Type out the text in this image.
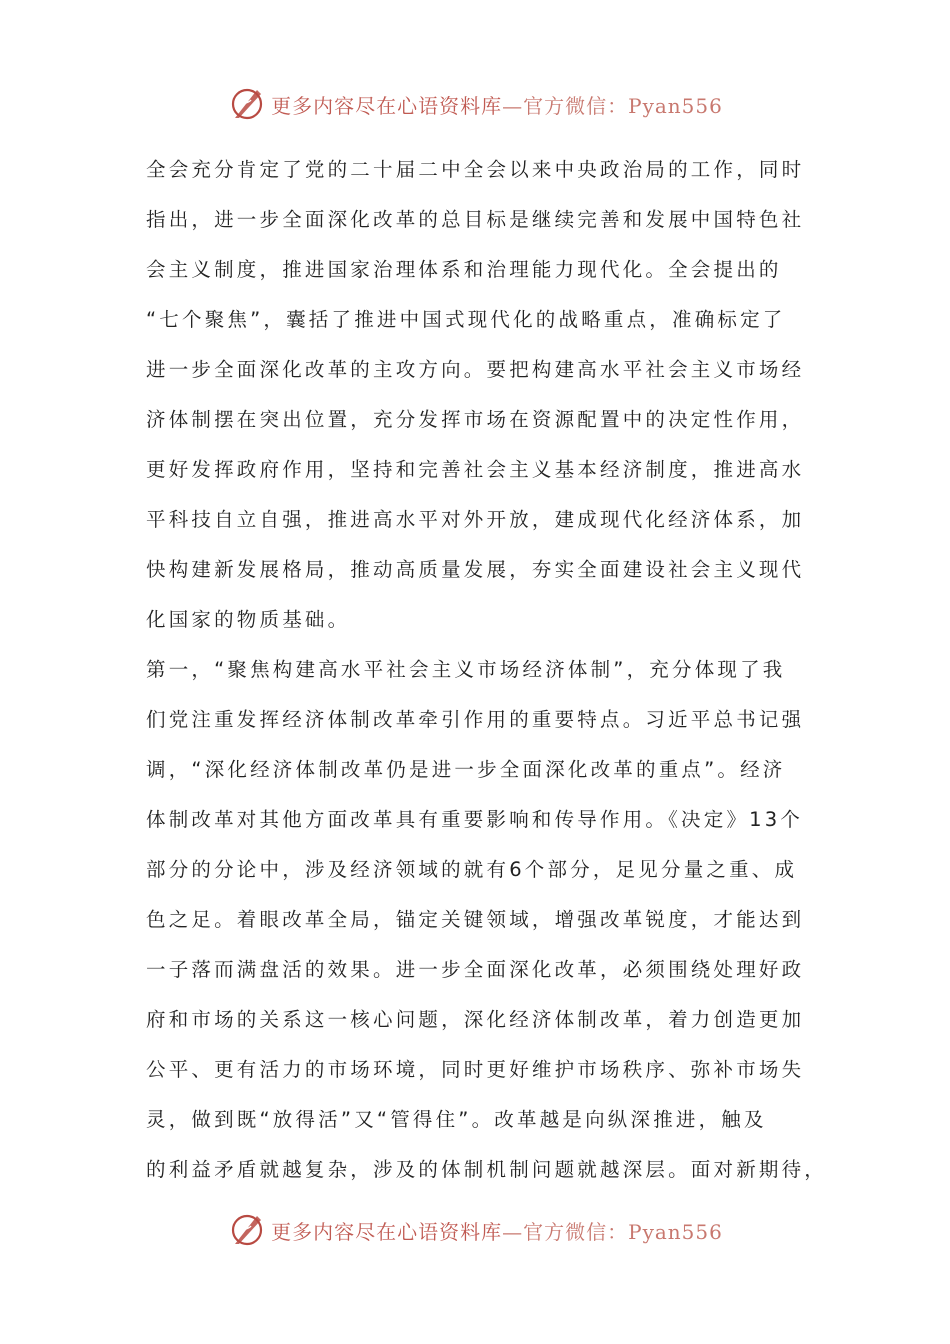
更多内容尽在心语资料库—官方微信：Pyan556
全会充分肯定了党的二十届二中全会以来中央政治局的工作，同时
指出，进一步全面深化改革的总目标是继续完善和发展中国特色社
会主义制度，推进国家治理体系和治理能力现代化。全会提出的
“七个聚焦”，囊括了推进中国式现代化的战略重点，准确标定了
进一步全面深化改革的主攻方向。要把构建高水平社会主义市场经
济体制摆在突出位置，充分发挥市场在资源配置中的决定性作用，
更好发挥政府作用，坚持和完善社会主义基本经济制度，推进高水
平科技自立自强，推进高水平对外开放，建成现代化经济体系，加
快构建新发展格局，推动高质量发展，夯实全面建设社会主义现代
化国家的物质基础。
第一，“聚焦构建高水平社会主义市场经济体制”，充分体现了我
们党注重发挥经济体制改革牵引作用的重要特点。习近平总书记强
调，“深化经济体制改革仍是进一步全面深化改革的重点”。经济
体制改革对其他方面改革具有重要影响和传导作用。《决定》13个
部分的分论中，涉及经济领域的就有6个部分，足见分量之重、成
色之足。着眼改革全局，锚定关键领域，增强改革锐度，才能达到
一子落而满盘活的效果。进一步全面深化改革，必须围绕处理好政
府和市场的关系这一核心问题，深化经济体制改革，着力创造更加
公平、更有活力的市场环境，同时更好维护市场秩序、弥补市场失
灵，做到既“放得活”又“管得住”。改革越是向纵深推进，触及
的利益矛盾就越复杂，涉及的体制机制问题就越深层。面对新期待，
更多内容尽在心语资料库—官方微信：Pyan556
